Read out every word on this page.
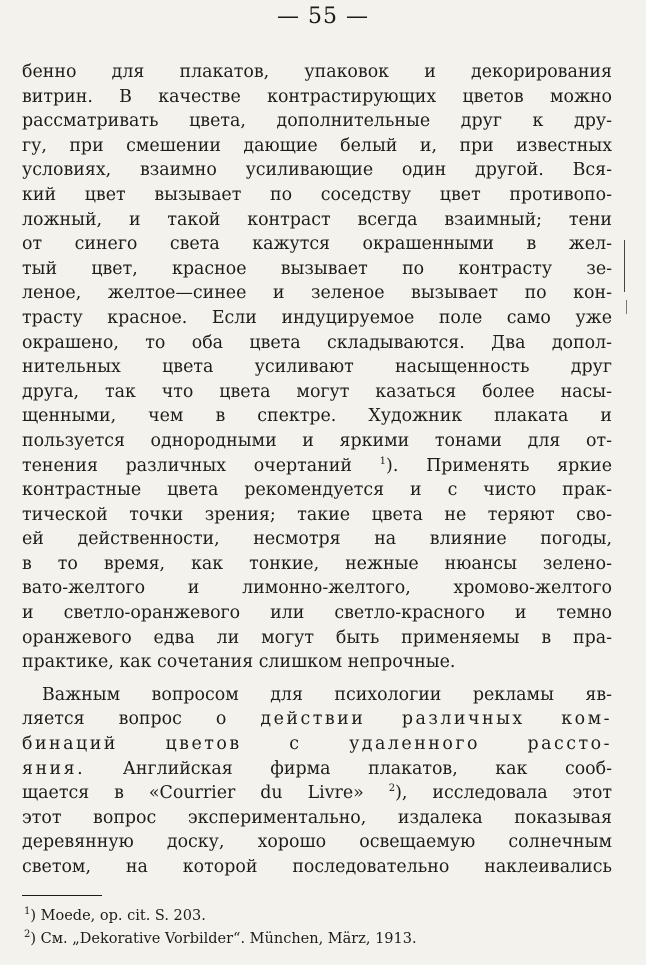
— 55 —
бенно для плакатов, упаковок и декорирования
витрин. В качестве контрастирующих цветов можно
рассматривать цвета, дополнительные друг к дру-
гу, при смешении дающие белый и, при известных
условиях, взаимно усиливающие один другой. Вся-
кий цвет вызывает по соседству цвет противопо-
ложный, и такой контраст всегда взаимный; тени
от синего света кажутся окрашенными в жел-
тый цвет, красное вызывает по контрасту зе-
леное, желтое—синее и зеленое вызывает по кон-
трасту красное. Если индуцируемое поле само уже
окрашено, то оба цвета складываются. Два допол-
нительных цвета усиливают насыщенность друг
друга, так что цвета могут казаться более насы-
щенными, чем в спектре. Художник плаката и
пользуется однородными и яркими тонами для от-
тенения различных очертаний	$^1$). Применять яркие
контрастные цвета рекомендуется и с чисто прак-
тической точки зрения; такие цвета не теряют сво-
ей действенности, несмотря на влияние погоды,
в то время, как тонкие, нежные нюансы зелено-
вато-желтого и лимонно-желтого, хромово-желтого
и светло-оранжевого или светло-красного и темно
оранжевого едва ли могут быть применяемы в пра-
практике, как сочетания слишком непрочные.
Важным вопросом для психологии рекламы яв-
ляется вопрос о действии различных ком-
бинаций цветов с удаленного рассто-
яния. Английская фирма плакатов, как сооб-
щается в «Courrier du Livre» $^2$), исследовала этот
этот вопрос экспериментально, издалека показывая
деревянную доску, хорошо освещаемую солнечным
светом, на которой последовательно наклеивались
$^1$) Moede, op. cit. S. 203.
$^2$) См. „Dekorative Vorbilder“. München, März, 1913.
